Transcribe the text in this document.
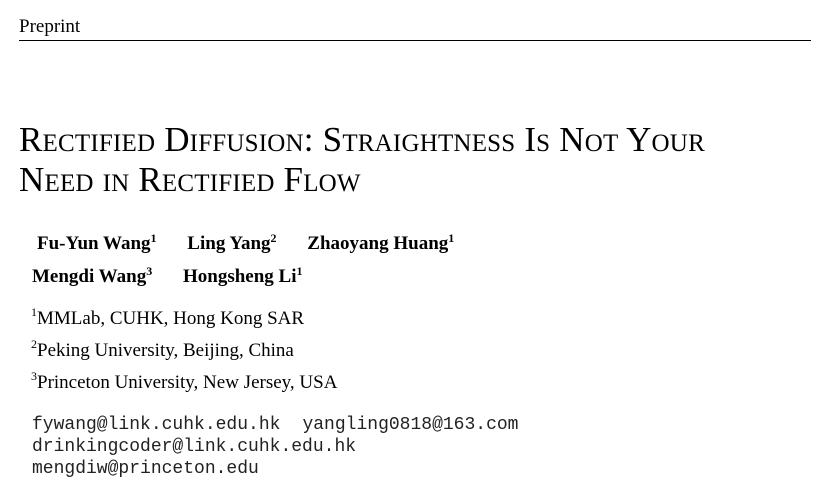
Preprint
Rectified Diffusion: Straightness Is Not Your
Need in Rectified Flow
Fu-Yun Wang$^1$ Ling Yang$^2$ Zhaoyang Huang$^1$
Mengdi Wang$^3$ Hongsheng Li$^1$
$^1$MMLab, CUHK, Hong Kong SAR
$^2$Peking University, Beijing, China
$^3$Princeton University, New Jersey, USA
fywang@link.cuhk.edu.hk yangling0818@163.com
drinkingcoder@link.cuhk.edu.hk
mengdiw@princeton.edu
